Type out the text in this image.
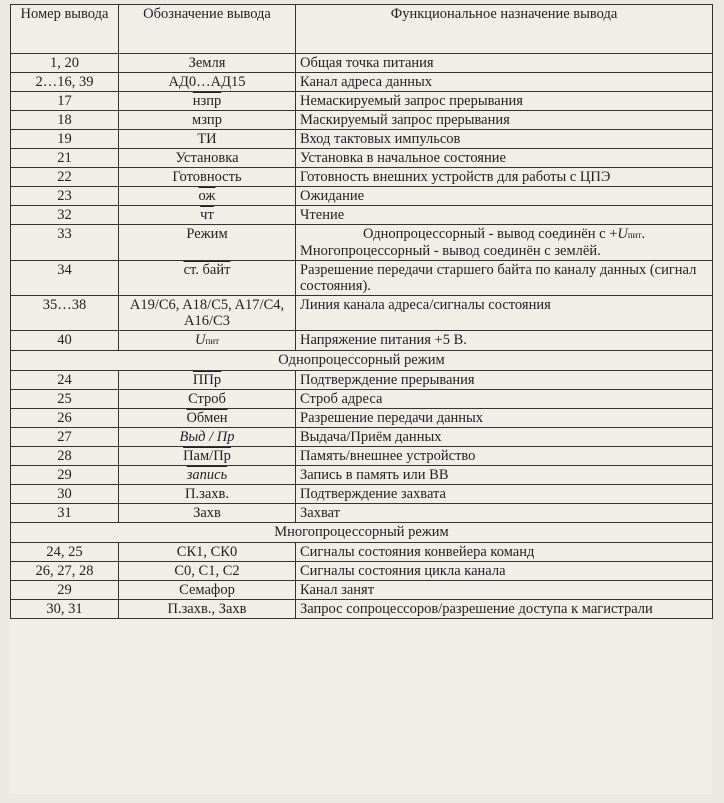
Номер вывода	Обозначение вывода	Функциональное назначение вывода
1, 20	Земля	Общая точка питания
2…16, 39	АД0…АД15	Канал адреса данных
17	нзпр	Немаскируемый запрос прерывания
18	мзпр	Маскируемый запрос прерывания
19	ТИ	Вход тактовых импульсов
21	Установка	Установка в начальное состояние
22	Готовность	Готовность внешних устройств для работы с ЦПЭ
23	ож	Ожидание
32	чт	Чтение
33	Режим	Однопроцессорный - вывод соединён с +Uпит.
Многопроцессорный - вывод соединён с землёй.

34	ст. байт	Разрешение передачи старшего байта по каналу данных (сигнал состояния).
35…38	A19/C6, A18/C5, A17/C4, A16/C3	Линия канала адреса/сигналы состояния
40	Uпит	Напряжение питания +5 В.
Однопроцессорный режим		
24	ППр	Подтверждение прерывания
25	Строб	Строб адреса
26	Обмен	Разрешение передачи данных
27	Выд / Пр	Выдача/Приём данных
28	Пам/Пр	Память/внешнее устройство
29	запись	Запись в память или ВВ
30	П.захв.	Подтверждение захвата
31	Захв	Захват
Многопроцессорный режим		
24, 25	СК1, СК0	Сигналы состояния конвейера команд
26, 27, 28	С0, С1, С2	Сигналы состояния цикла канала
29	Семафор	Канал занят
30, 31	П.захв., Захв	Запрос сопроцессоров/разрешение доступа к магистрали
